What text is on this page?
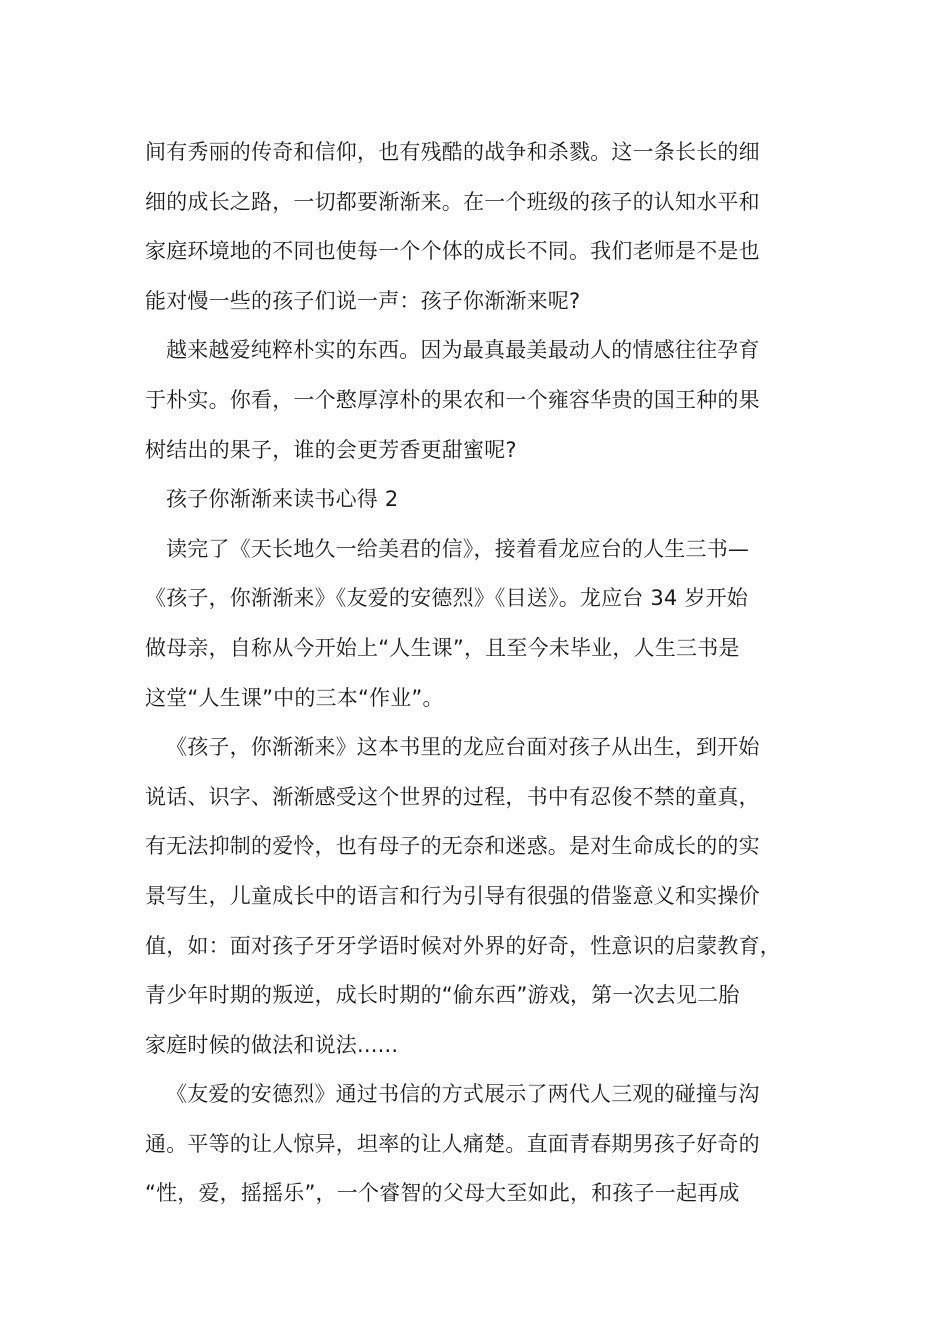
间有秀丽的传奇和信仰，也有残酷的战争和杀戮。这一条长长的细
细的成长之路，一切都要渐渐来。在一个班级的孩子的认知水平和
家庭环境地的不同也使每一个个体的成长不同。我们老师是不是也
能对慢一些的孩子们说一声：孩子你渐渐来呢?
越来越爱纯粹朴实的东西。因为最真最美最动人的情感往往孕育
于朴实。你看，一个憨厚淳朴的果农和一个雍容华贵的国王种的果
树结出的果子，谁的会更芳香更甜蜜呢?
孩子你渐渐来读书心得 2
读完了《天长地久一给美君的信》，接着看龙应台的人生三书—
《孩子，你渐渐来》《友爱的安德烈》《目送》。龙应台 34 岁开始
做母亲，自称从今开始上“人生课”，且至今未毕业，人生三书是
这堂“人生课”中的三本“作业”。
《孩子，你渐渐来》这本书里的龙应台面对孩子从出生，到开始
说话、识字、渐渐感受这个世界的过程，书中有忍俊不禁的童真，
有无法抑制的爱怜，也有母子的无奈和迷惑。是对生命成长的的实
景写生，儿童成长中的语言和行为引导有很强的借鉴意义和实操价
值，如：面对孩子牙牙学语时候对外界的好奇，性意识的启蒙教育，
青少年时期的叛逆，成长时期的“偷东西”游戏，第一次去见二胎
家庭时候的做法和说法......
《友爱的安德烈》通过书信的方式展示了两代人三观的碰撞与沟
通。平等的让人惊异，坦率的让人痛楚。直面青春期男孩子好奇的
“性，爱，摇摇乐”，一个睿智的父母大至如此，和孩子一起再成
